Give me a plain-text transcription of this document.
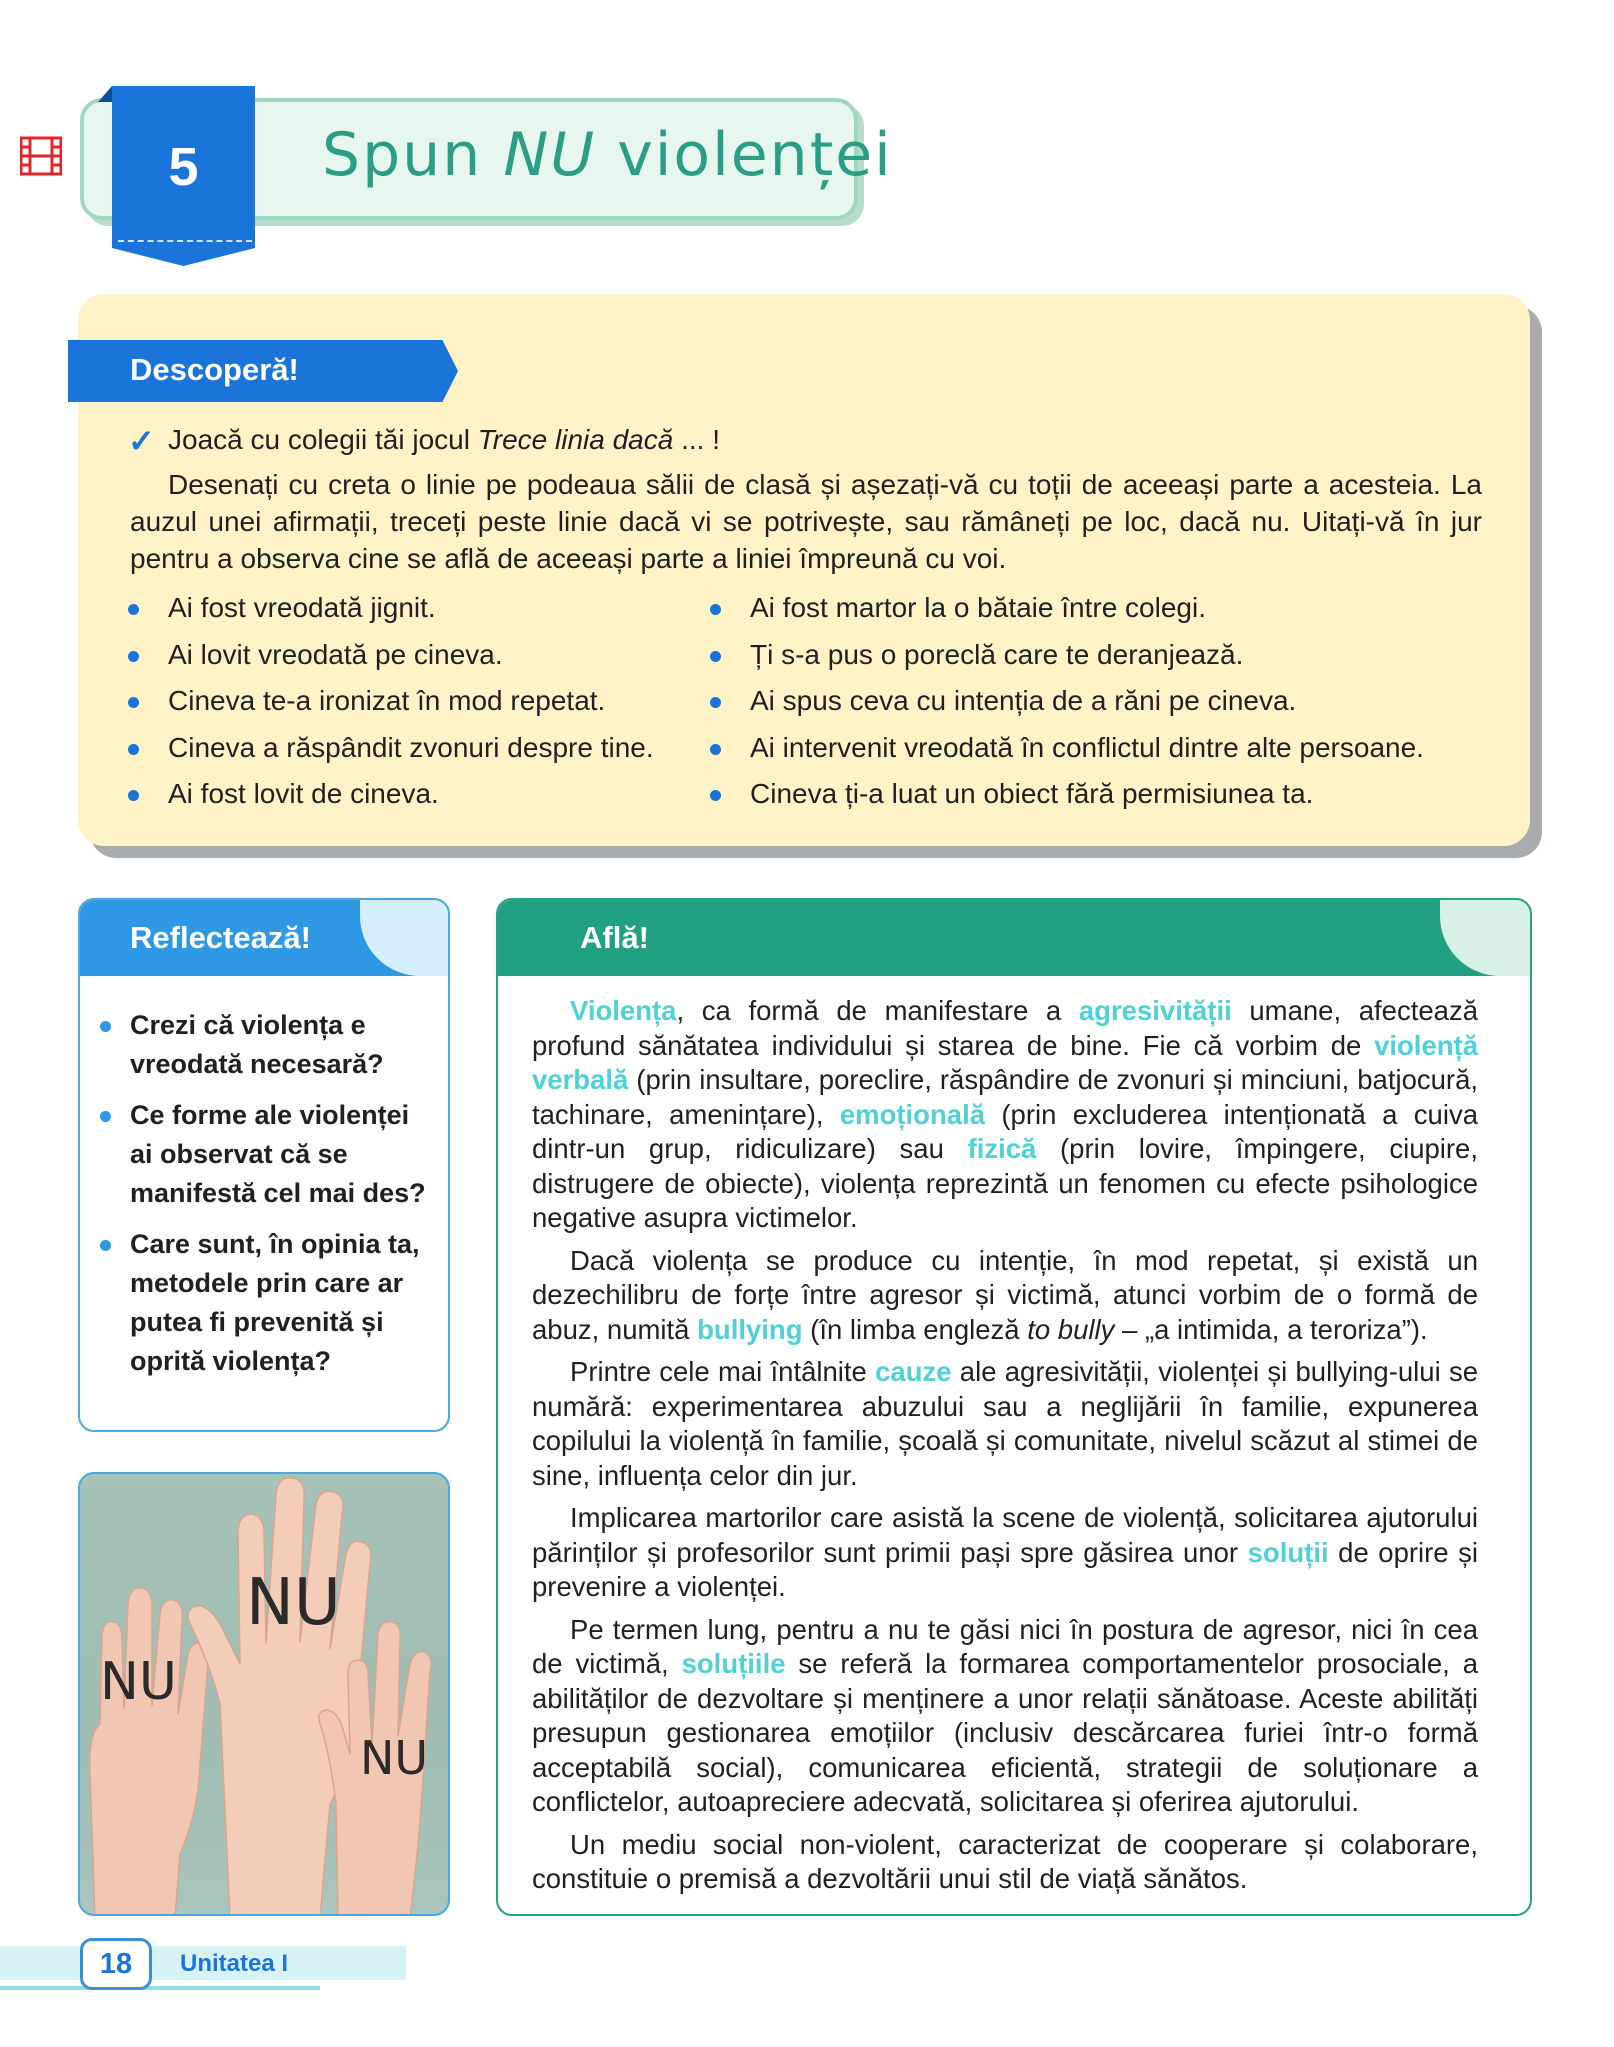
Spun NU violenței
5
Descoperă!
✓ Joacă cu colegii tăi jocul Trece linia dacă ... !
Desenați cu creta o linie pe podeaua sălii de clasă și așezați-vă cu toții de aceeași parte a acesteia. La auzul unei afirmații, treceți peste linie dacă vi se potrivește, sau rămâneți pe loc, dacă nu. Uitați-vă în jur pentru a observa cine se află de aceeași parte a liniei împreună cu voi.
Ai fost vreodată jignit.
Ai lovit vreodată pe cineva.
Cineva te-a ironizat în mod repetat.
Cineva a răspândit zvonuri despre tine.
Ai fost lovit de cineva.
Ai fost martor la o bătaie între colegi.
Ți s-a pus o poreclă care te deranjează.
Ai spus ceva cu intenția de a răni pe cineva.
Ai intervenit vreodată în conflictul dintre alte persoane.
Cineva ți-a luat un obiect fără permisiunea ta.
Reflectează!
Crezi că violența e vreodată necesară?
Ce forme ale violenței ai observat că se manifestă cel mai des?
Care sunt, în opinia ta, metodele prin care ar putea fi prevenită și oprită violența?
NU
NU
NU
Află!

Violența, ca formă de manifestare a agresivității umane, afectează profund sănătatea individului și starea de bine. Fie că vorbim de violență verbală (prin insultare, poreclire, răspândire de zvonuri și minciuni, batjocură, tachinare, amenințare), emoțională (prin excluderea intenționată a cuiva dintr-un grup, ridiculizare) sau fizică (prin lovire, împingere, ciupire, distrugere de obiecte), violența reprezintă un fenomen cu efecte psihologice negative asupra victimelor.

Dacă violența se produce cu intenție, în mod repetat, și există un dezechilibru de forțe între agresor și victimă, atunci vorbim de o formă de abuz, numită bullying (în limba engleză to bully – „a intimida, a teroriza”).

Printre cele mai întâlnite cauze ale agresivității, violenței și bullying-ului se numără: experimentarea abuzului sau a neglijării în familie, expunerea copilului la violență în familie, școală și comunitate, nivelul scăzut al stimei de sine, influența celor din jur.

Implicarea martorilor care asistă la scene de violență, solicitarea ajutorului părinților și profesorilor sunt primii pași spre găsirea unor soluții de oprire și prevenire a violenței.

Pe termen lung, pentru a nu te găsi nici în postura de agresor, nici în cea de victimă, soluțiile se referă la formarea comportamentelor prosociale, a abilităților de dezvoltare și menținere a unor relații sănătoase. Aceste abilități presupun gestionarea emoțiilor (inclusiv descărcarea furiei într-o formă acceptabilă social), comunicarea eficientă, strategii de soluționare a conflictelor, autoapreciere adecvată, solicitarea și oferirea ajutorului.

Un mediu social non-violent, caracterizat de cooperare și colaborare, constituie o premisă a dezvoltării unui stil de viață sănătos.

18	Unitatea I
